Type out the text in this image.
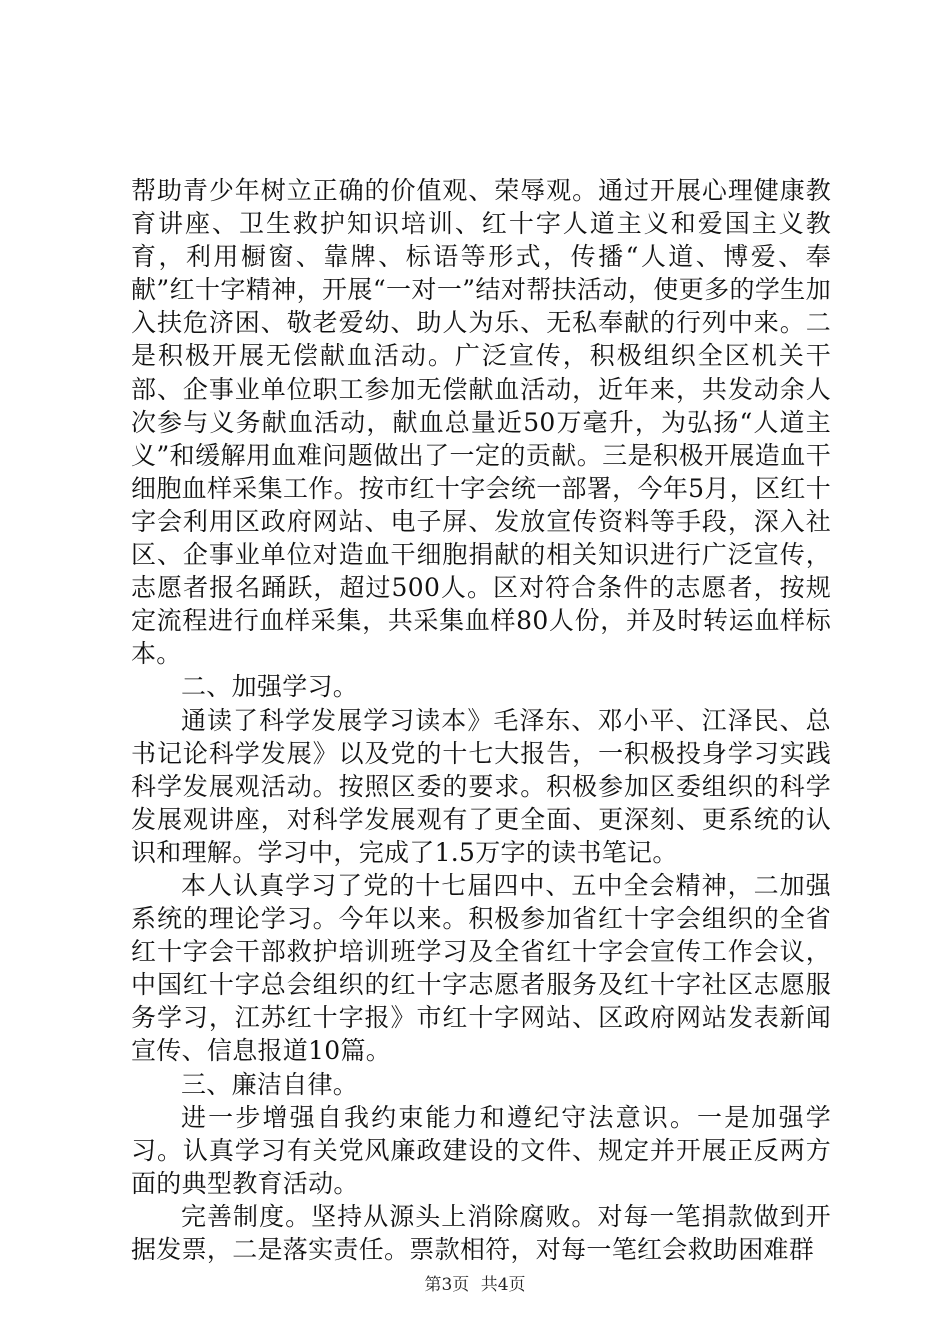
帮助青少年树立正确的价值观、荣辱观。通过开展心理健康教育讲座、卫生救护知识培训、红十字人道主义和爱国主义教育，利用橱窗、靠牌、标语等形式，传播“人道、博爱、奉献”红十字精神，开展“一对一”结对帮扶活动，使更多的学生加入扶危济困、敬老爱幼、助人为乐、无私奉献的行列中来。二是积极开展无偿献血活动。广泛宣传，积极组织全区机关干部、企事业单位职工参加无偿献血活动，近年来，共发动余人次参与义务献血活动，献血总量近50万毫升，为弘扬“人道主义”和缓解用血难问题做出了一定的贡献。三是积极开展造血干细胞血样采集工作。按市红十字会统一部署，今年5月，区红十字会利用区政府网站、电子屏、发放宣传资料等手段，深入社区、企事业单位对造血干细胞捐献的相关知识进行广泛宣传，志愿者报名踊跃，超过500人。区对符合条件的志愿者，按规定流程进行血样采集，共采集血样80人份，并及时转运血样标本。

二、加强学习。

通读了科学发展学习读本》毛泽东、邓小平、江泽民、总书记论科学发展》以及党的十七大报告，一积极投身学习实践科学发展观活动。按照区委的要求。积极参加区委组织的科学发展观讲座，对科学发展观有了更全面、更深刻、更系统的认识和理解。学习中，完成了1.5万字的读书笔记。

本人认真学习了党的十七届四中、五中全会精神，二加强系统的理论学习。今年以来。积极参加省红十字会组织的全省红十字会干部救护培训班学习及全省红十字会宣传工作会议，中国红十字总会组织的红十字志愿者服务及红十字社区志愿服务学习，江苏红十字报》市红十字网站、区政府网站发表新闻宣传、信息报道10篇。

三、廉洁自律。

进一步增强自我约束能力和遵纪守法意识。一是加强学习。认真学习有关党风廉政建设的文件、规定并开展正反两方面的典型教育活动。

完善制度。坚持从源头上消除腐败。对每一笔捐款做到开据发票，二是落实责任。票款相符，对每一笔红会救助困难群

第3页 共4页
